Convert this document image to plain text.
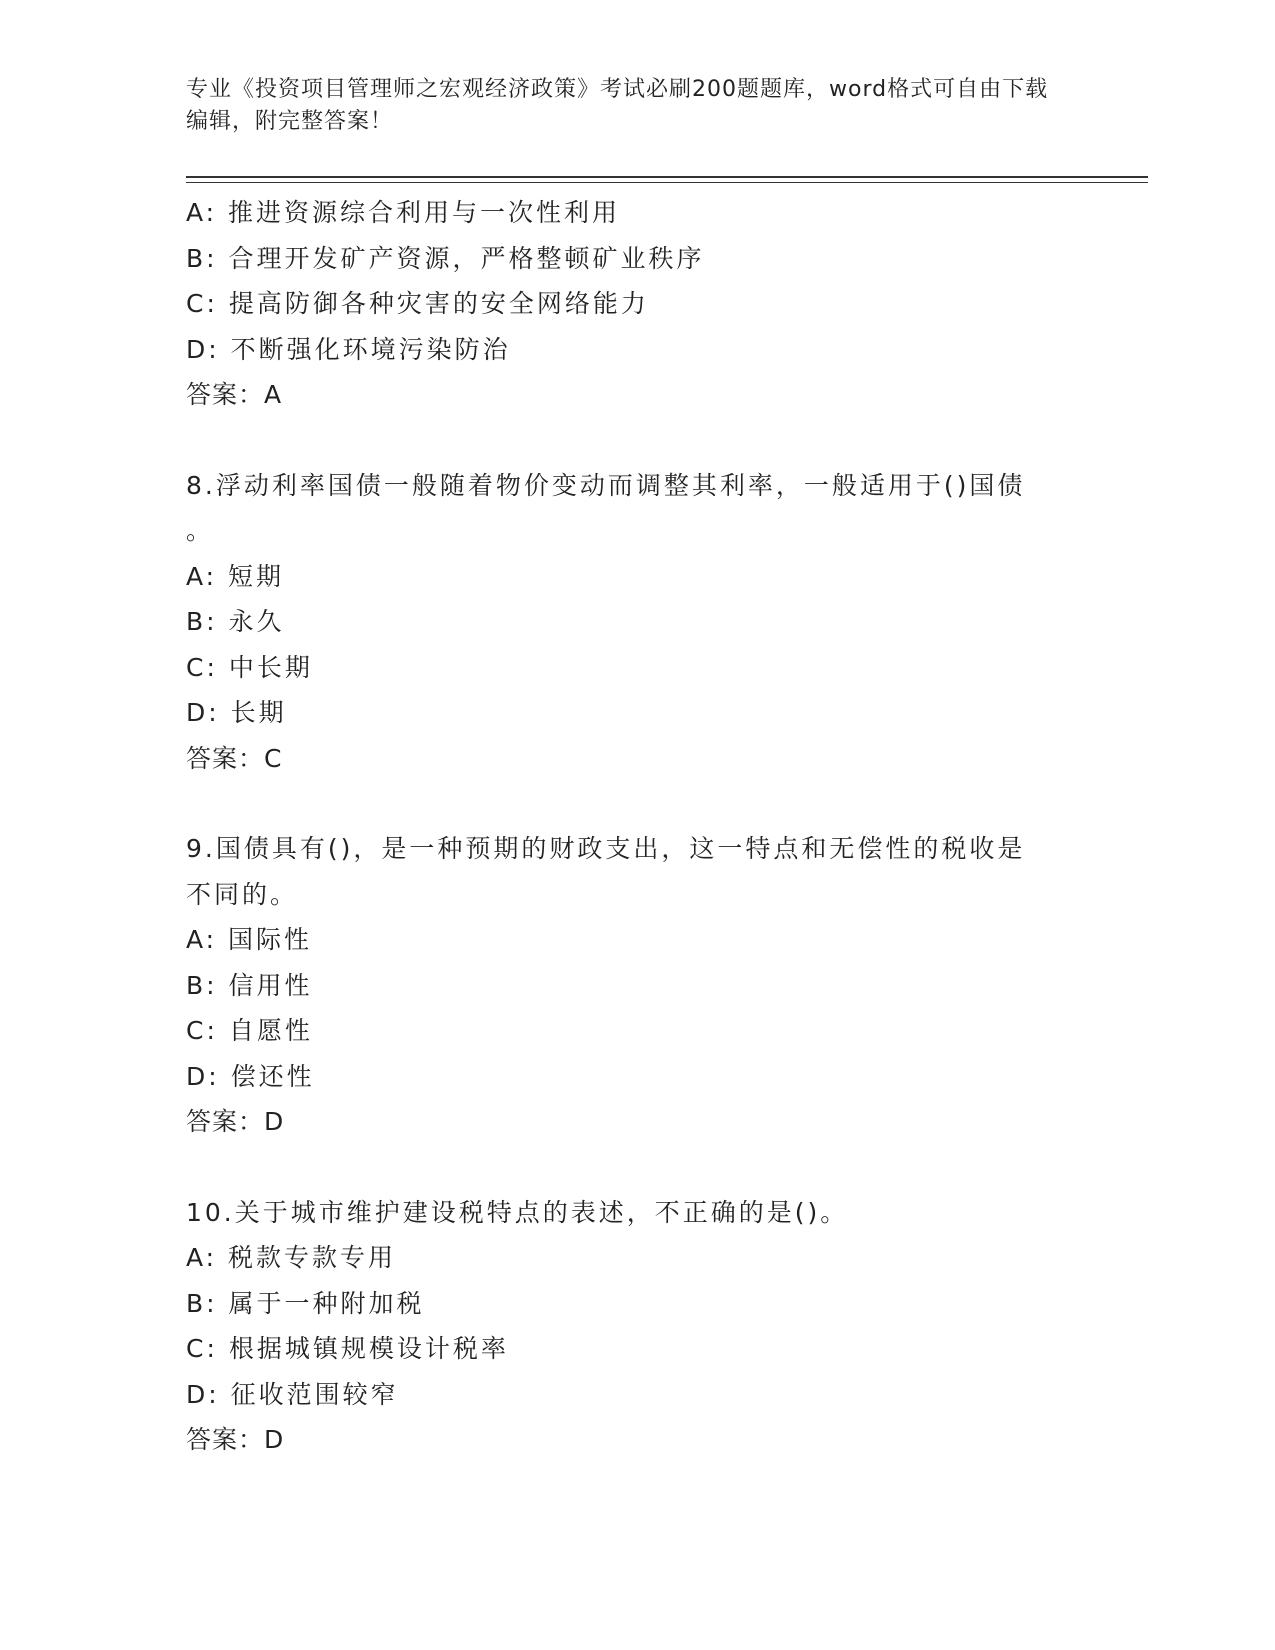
专业《投资项目管理师之宏观经济政策》考试必刷200题题库，word格式可自由下载编辑，附完整答案！
A: 推进资源综合利用与一次性利用
B: 合理开发矿产资源，严格整顿矿业秩序
C: 提高防御各种灾害的安全网络能力
D: 不断强化环境污染防治
答案：A
8.浮动利率国债一般随着物价变动而调整其利率，一般适用于()国债
。
A: 短期
B: 永久
C: 中长期
D: 长期
答案：C
9.国债具有()，是一种预期的财政支出，这一特点和无偿性的税收是
不同的。
A: 国际性
B: 信用性
C: 自愿性
D: 偿还性
答案：D
10.关于城市维护建设税特点的表述，不正确的是()。
A: 税款专款专用
B: 属于一种附加税
C: 根据城镇规模设计税率
D: 征收范围较窄
答案：D
